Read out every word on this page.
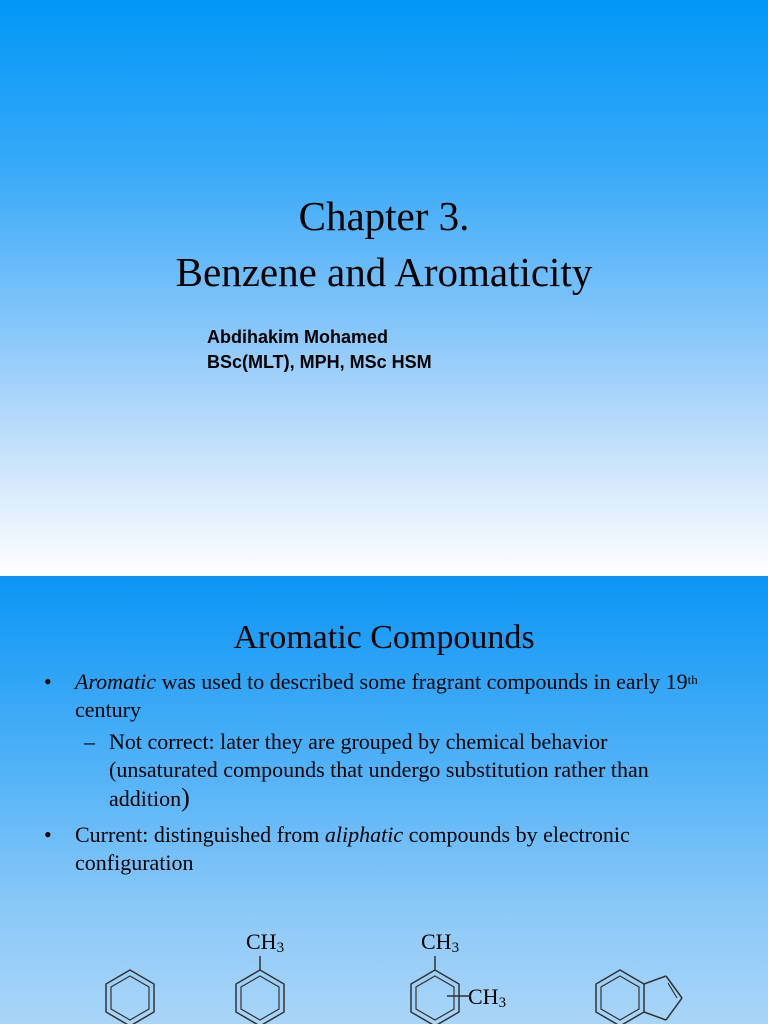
Chapter 3.
Benzene and Aromaticity
Abdihakim Mohamed
BSc(MLT), MPH, MSc HSM
Aromatic Compounds
• Aromatic was used to described some fragrant compounds in early 19th century
– Not correct: later they are grouped by chemical behavior (unsaturated compounds that undergo substitution rather than addition)
• Current: distinguished from aliphatic compounds by electronic configuration
$CH_3$	$CH_3$
$CH_3$
